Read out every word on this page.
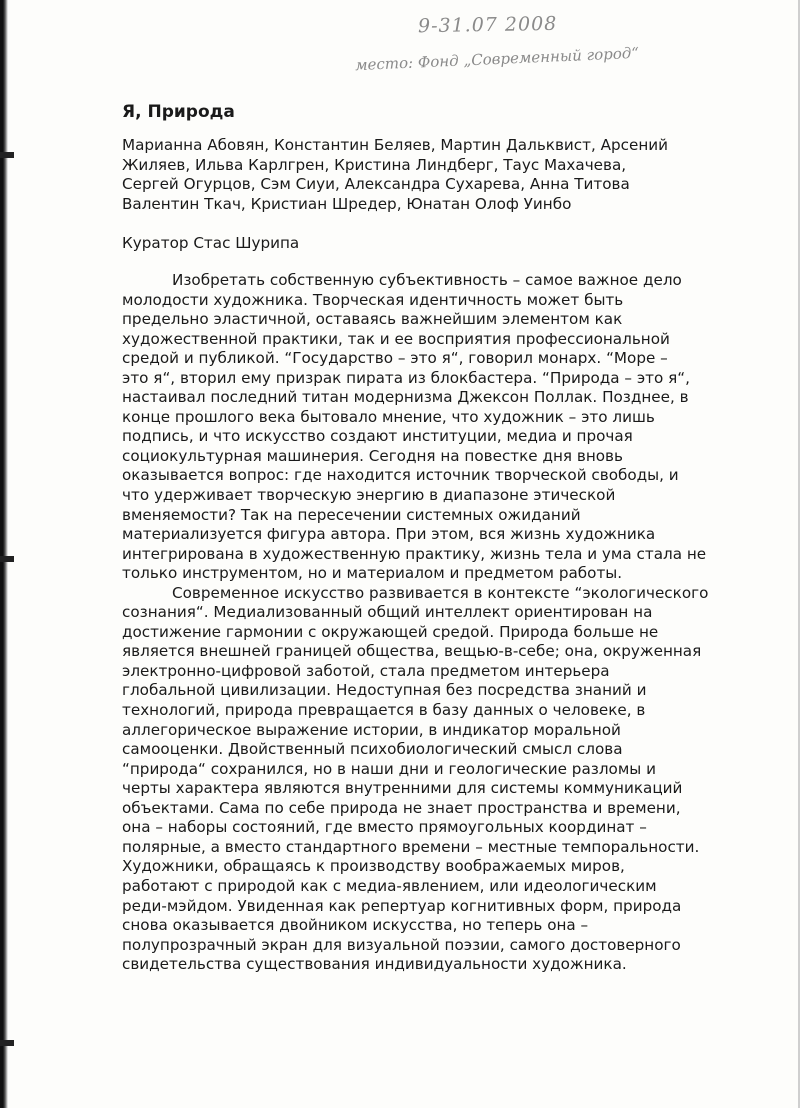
9-31.07 2008
место: Фонд „Современный город“
Я, Природа

Марианна Абовян, Константин Беляев, Мартин Дальквист, Арсений
Жиляев, Ильва Карлгрен, Кристина Линдберг, Таус Махачева,
Сергей Огурцов, Сэм Сиуи, Александра Сухарева, Анна Титова
Валентин Ткач, Кристиан Шредер, Юнатан Олоф Уинбо

Куратор Стас Шурипа

Изобретать собственную субъективность – самое важное дело
молодости художника. Творческая идентичность может быть
предельно эластичной, оставаясь важнейшим элементом как
художественной практики, так и ее восприятия профессиональной
средой и публикой. “Государство – это я“, говорил монарх. “Море –
это я“, вторил ему призрак пирата из блокбастера. “Природа – это я“,
настаивал последний титан модернизма Джексон Поллак. Позднее, в
конце прошлого века бытовало мнение, что художник – это лишь
подпись, и что искусство создают институции, медиа и прочая
социокультурная машинерия. Сегодня на повестке дня вновь
оказывается вопрос: где находится источник творческой свободы, и
что удерживает творческую энергию в диапазоне этической
вменяемости? Так на пересечении системных ожиданий
материализуется фигура автора. При этом, вся жизнь художника
интегрирована в художественную практику, жизнь тела и ума стала не
только инструментом, но и материалом и предметом работы.
Современное искусство развивается в контексте “экологического
сознания“. Медиализованный общий интеллект ориентирован на
достижение гармонии с окружающей средой. Природа больше не
является внешней границей общества, вещью-в-себе; она, окруженная
электронно-цифровой заботой, стала предметом интерьера
глобальной цивилизации. Недоступная без посредства знаний и
технологий, природа превращается в базу данных о человеке, в
аллегорическое выражение истории, в индикатор моральной
самооценки. Двойственный психобиологический смысл слова
“природа“ сохранился, но в наши дни и геологические разломы и
черты характера являются внутренними для системы коммуникаций
объектами. Сама по себе природа не знает пространства и времени,
она – наборы состояний, где вместо прямоугольных координат –
полярные, а вместо стандартного времени – местные темпоральности.
Художники, обращаясь к производству воображаемых миров,
работают с природой как с медиа-явлением, или идеологическим
реди-мэйдом. Увиденная как репертуар когнитивных форм, природа
снова оказывается двойником искусства, но теперь она –
полупрозрачный экран для визуальной поэзии, самого достоверного
свидетельства существования индивидуальности художника.
